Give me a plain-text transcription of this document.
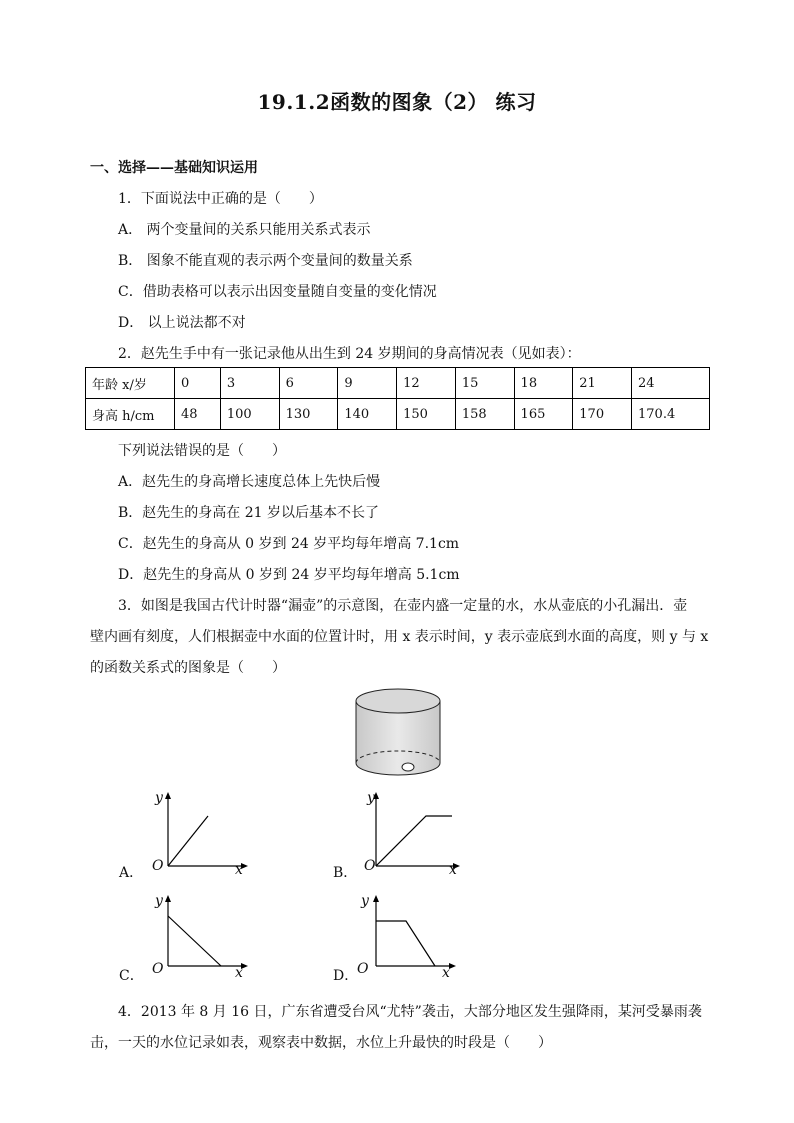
19.1.2函数的图象（2） 练习
一、选择——基础知识运用
1．下面说法中正确的是（　　）
A． 两个变量间的关系只能用关系式表示
B． 图象不能直观的表示两个变量间的数量关系
C．借助表格可以表示出因变量随自变量的变化情况
D． 以上说法都不对
2．赵先生手中有一张记录他从出生到 24 岁期间的身高情况表（见如表）：
年龄 x/岁	0	3	6	9	12	15	18	21	24
身高 h/cm	48	100	130	140	150	158	165	170	170.4
下列说法错误的是（　　）
A．赵先生的身高增长速度总体上先快后慢
B．赵先生的身高在 21 岁以后基本不长了
C．赵先生的身高从 0 岁到 24 岁平均每年增高 7.1cm
D．赵先生的身高从 0 岁到 24 岁平均每年增高 5.1cm
3．如图是我国古代计时器“漏壶”的示意图，在壶内盛一定量的水，水从壶底的小孔漏出．壶
壁内画有刻度，人们根据壶中水面的位置计时，用 x 表示时间，y 表示壶底到水面的高度，则 y 与 x
的函数关系式的图象是（　　）
A． O	x
y
B． O	x
y
C． O	x
y
D．
O	x
y
4．2013 年 8 月 16 日，广东省遭受台风“尤特”袭击，大部分地区发生强降雨，某河受暴雨袭
击，一天的水位记录如表，观察表中数据，水位上升最快的时段是（　　）
